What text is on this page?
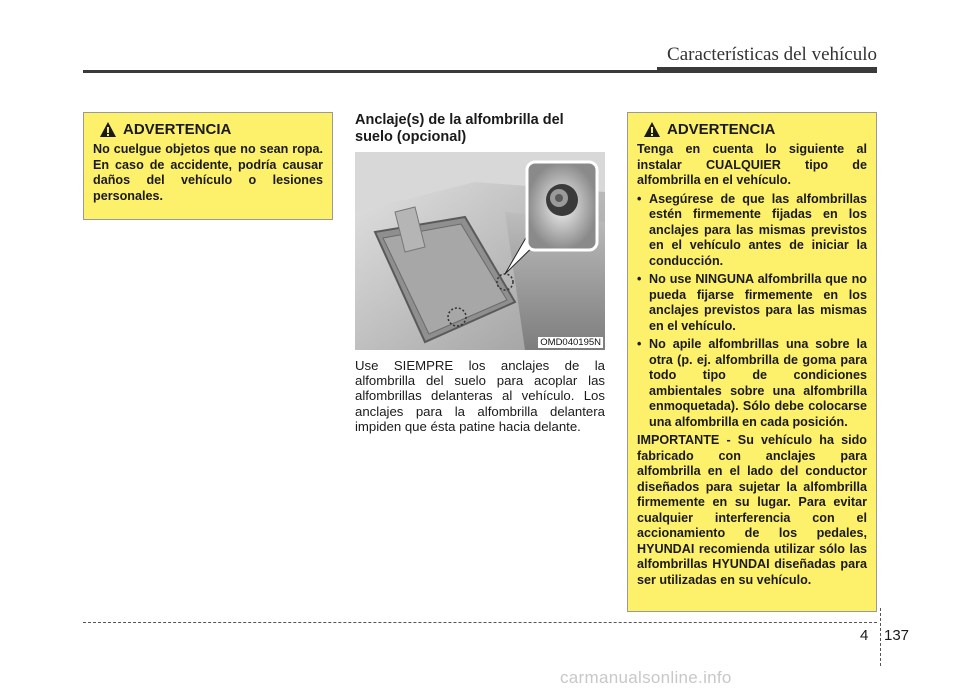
Características del vehículo
ADVERTENCIA

No cuelgue objetos que no sean ropa. En caso de accidente, podría causar daños del vehículo o lesiones personales.

Anclaje(s) de la alfombrilla del suelo (opcional)
OMD040195N
Use SIEMPRE los anclajes de la alfombrilla del suelo para acoplar las alfombrillas delanteras al vehículo. Los anclajes para la alfombrilla delantera impiden que ésta patine hacia delante.
ADVERTENCIA

Tenga en cuenta lo siguiente al instalar CUALQUIER tipo de alfombrilla en el vehículo.

• Asegúrese de que las alfombrillas estén firmemente fijadas en los anclajes para las mismas previstos en el vehículo antes de iniciar la conducción.
• No use NINGUNA alfombrilla que no pueda fijarse firmemente en los anclajes previstos para las mismas en el vehículo.
• No apile alfombrillas una sobre la otra (p. ej. alfombrilla de goma para todo tipo de condiciones ambientales sobre una alfombrilla enmoquetada). Sólo debe colocarse una alfombrilla en cada posición.

IMPORTANTE - Su vehículo ha sido fabricado con anclajes para alfombrilla en el lado del conductor diseñados para sujetar la alfombrilla firmemente en su lugar. Para evitar cualquier interferencia con el accionamiento de los pedales, HYUNDAI recomienda utilizar sólo las alfombrillas HYUNDAI diseñadas para ser utilizadas en su vehículo.

4 137
carmanualsonline.info
